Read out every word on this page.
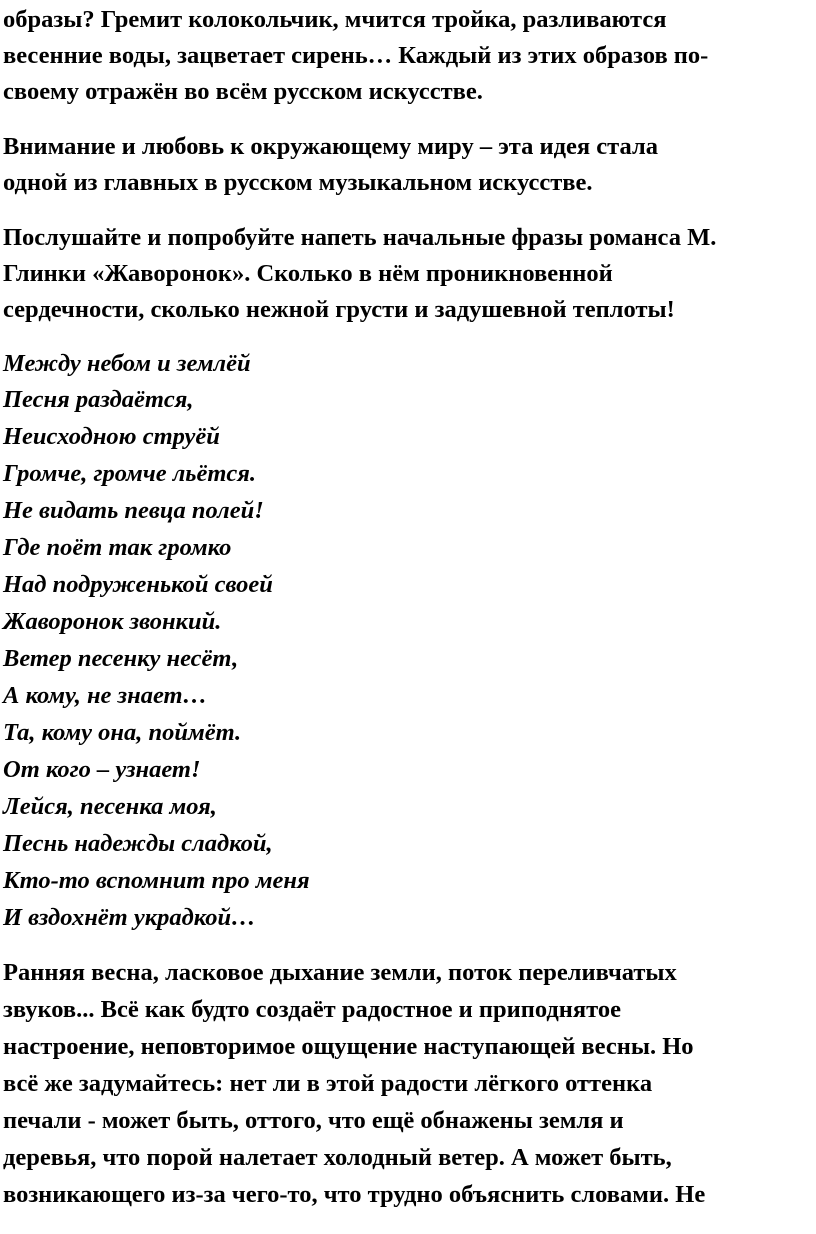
образы? Гремит колокольчик, мчится тройка, разливаются
весенние воды, зацветает сирень… Каждый из этих образов по-
своему отражён во всём русском искусстве.
Внимание и любовь к окружающему миру – эта идея стала
одной из главных в русском музыкальном искусстве.
Послушайте и попробуйте напеть начальные фразы романса М.
Глинки «Жаворонок». Сколько в нём проникновенной
сердечности, сколько нежной грусти и задушевной теплоты!
Между небом и землёй
Песня раздаётся,
Неисходною струёй
Громче, громче льётся.
Не видать певца полей!
Где поёт так громко
Над подруженькой своей
Жаворонок звонкий.
Ветер песенку несёт,
А кому, не знает…
Та, кому она, поймёт.
От кого – узнает!
Лейся, песенка моя,
Песнь надежды сладкой,
Кто-то вспомнит про меня
И вздохнёт украдкой…
Ранняя весна, ласковое дыхание земли, поток переливчатых
звуков... Всё как будто создаёт радостное и приподнятое
настроение, неповторимое ощущение наступающей весны. Но
всё же задумайтесь: нет ли в этой радости лёгкого оттенка
печали - может быть, оттого, что ещё обнажены земля и
деревья, что порой налетает холодный ветер. А может быть,
возникающего из-за чего-то, что трудно объяснить словами. Не
